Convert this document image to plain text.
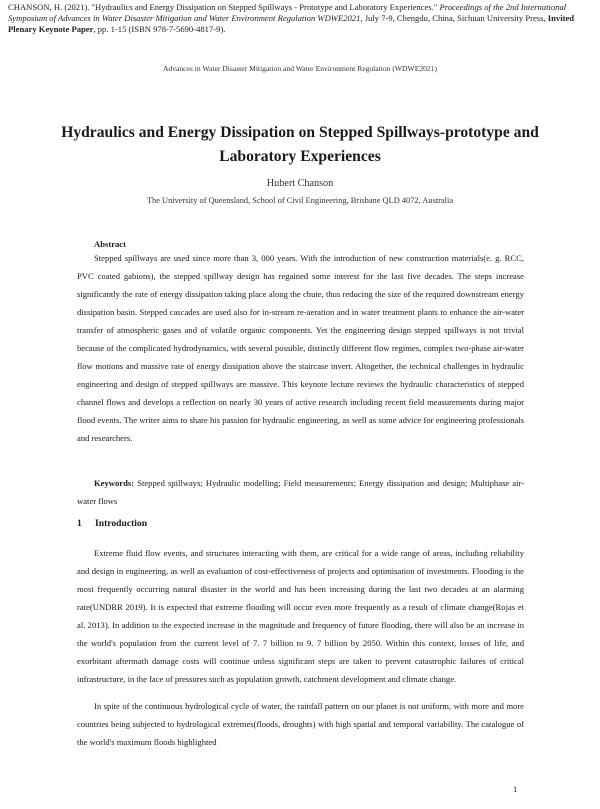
CHANSON, H. (2021). "Hydraulics and Energy Dissipation on Stepped Spillways - Prototype and Laboratory Experiences." Proceedings of the 2nd International Symposium of Advances in Water Disaster Mitigation and Water Environment Regulation WDWE2021, July 7-9, Chengdu, China, Sichuan University Press, Invited Plenary Keynote Paper, pp. 1-15 (ISBN 978-7-5690-4817-9).
Advances in Water Disaster Mitigation and Water Environment Regulation (WDWE2021)
Hydraulics and Energy Dissipation on Stepped Spillways-prototype and Laboratory Experiences
Hubert Chanson
The University of Queensland, School of Civil Engineering, Brisbane QLD 4072, Australia
Abstract

Stepped spillways are used since more than 3, 000 years. With the introduction of new construction materials(e. g. RCC, PVC coated gabions), the stepped spillway design has regained some interest for the last five decades. The steps increase significantly the rate of energy dissipation taking place along the chute, thus reducing the size of the required downstream energy dissipation basin. Stepped cascades are used also for in-stream re-aeration and in water treatment plants to enhance the air-water transfer of atmospheric gases and of volatile organic components. Yet the engineering design stepped spillways is not trivial because of the complicated hydrodynamics, with several possible, distinctly different flow regimes, complex two-phase air-water flow motions and massive rate of energy dissipation above the staircase invert. Altogether, the technical challenges in hydraulic engineering and design of stepped spillways are massive. This keynote lecture reviews the hydraulic characteristics of stepped channel flows and develops a reflection on nearly 30 years of active research including recent field measurements during major flood events. The writer aims to share his passion for hydraulic engineering, as well as some advice for engineering professionals and researchers.

Keywords: Stepped spillways; Hydraulic modelling; Field measurements; Energy dissipation and design; Multiphase air-water flows

1 Introduction

Extreme fluid flow events, and structures interacting with them, are critical for a wide range of areas, including reliability and design in engineering, as well as evaluation of cost-effectiveness of projects and optimisation of investments. Flooding is the most frequently occurring natural disaster in the world and has been increasing during the last two decades at an alarming rate(UNDRR 2019). It is expected that extreme flooding will occur even more frequently as a result of climate change(Rojas et al. 2013). In addition to the expected increase in the magnitude and frequency of future flooding, there will also be an increase in the world's population from the current level of 7. 7 billion to 9. 7 billion by 2050. Within this context, losses of life, and exorbitant aftermath damage costs will continue unless significant steps are taken to prevent catastrophic failures of critical infrastructure, in the face of pressures such as population growth, catchment development and climate change.

In spite of the continuous hydrological cycle of water, the rainfall pattern on our planet is not uniform, with more and more countries being subjected to hydrological extremes(floods, droughts) with high spatial and temporal variability. The catalogue of the world's maximum floods highlighted

1
